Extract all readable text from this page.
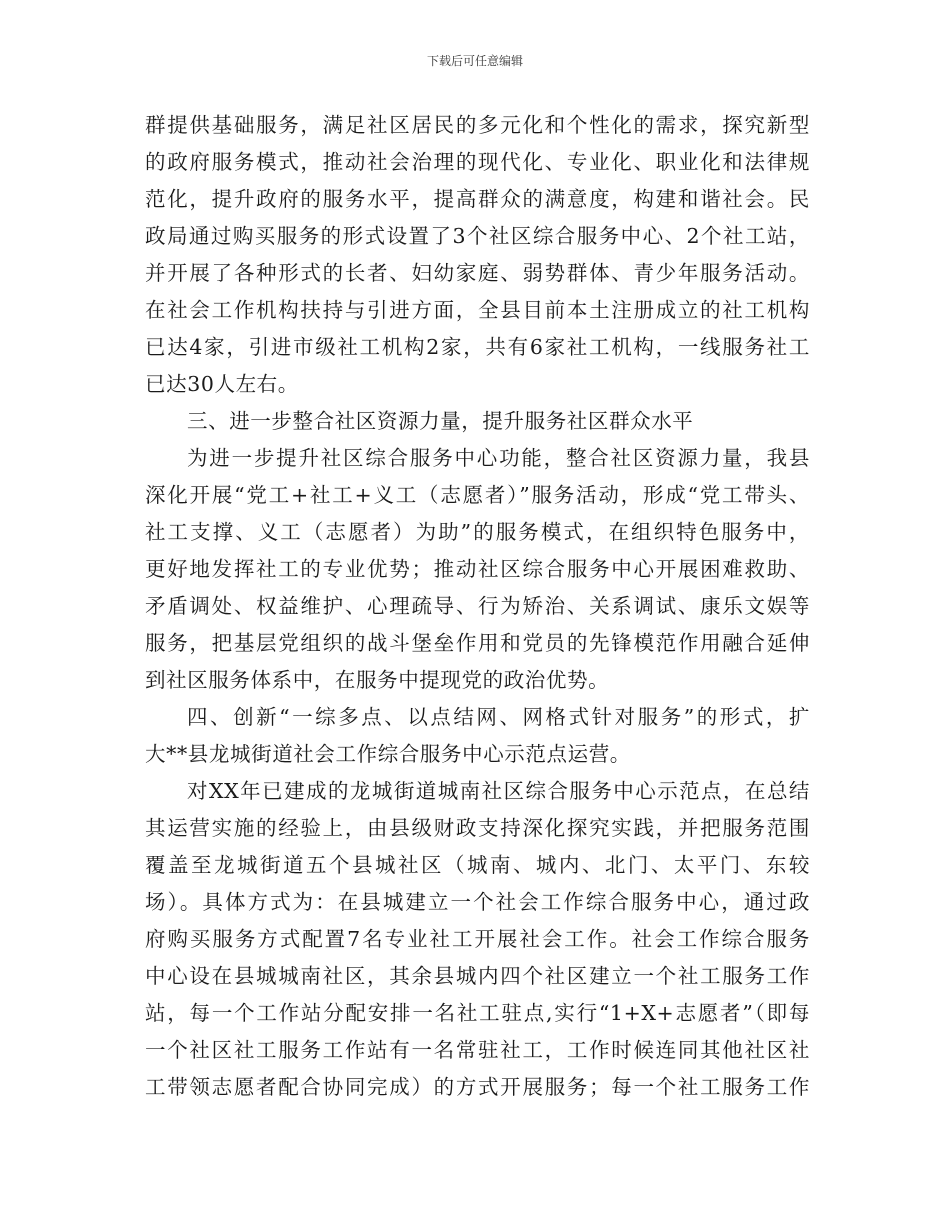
下载后可任意编辑
群提供基础服务，满足社区居民的多元化和个性化的需求，探究新型
的政府服务模式，推动社会治理的现代化、专业化、职业化和法律规
范化，提升政府的服务水平，提高群众的满意度，构建和谐社会。民
政局通过购买服务的形式设置了3个社区综合服务中心、2个社工站，
并开展了各种形式的长者、妇幼家庭、弱势群体、青少年服务活动。
在社会工作机构扶持与引进方面，全县目前本土注册成立的社工机构
已达4家，引进市级社工机构2家，共有6家社工机构，一线服务社工
已达30人左右。
三、进一步整合社区资源力量，提升服务社区群众水平
为进一步提升社区综合服务中心功能，整合社区资源力量，我县
深化开展“党工+社工+义工（志愿者）”服务活动，形成“党工带头、
社工支撑、义工（志愿者）为助”的服务模式，在组织特色服务中，
更好地发挥社工的专业优势；推动社区综合服务中心开展困难救助、
矛盾调处、权益维护、心理疏导、行为矫治、关系调试、康乐文娱等
服务，把基层党组织的战斗堡垒作用和党员的先锋模范作用融合延伸
到社区服务体系中，在服务中提现党的政治优势。
四、创新“一综多点、以点结网、网格式针对服务”的形式，扩
大**县龙城街道社会工作综合服务中心示范点运营。
对XX年已建成的龙城街道城南社区综合服务中心示范点，在总结
其运营实施的经验上，由县级财政支持深化探究实践，并把服务范围
覆盖至龙城街道五个县城社区（城南、城内、北门、太平门、东较
场）。具体方式为：在县城建立一个社会工作综合服务中心，通过政
府购买服务方式配置7名专业社工开展社会工作。社会工作综合服务
中心设在县城城南社区，其余县城内四个社区建立一个社工服务工作
站，每一个工作站分配安排一名社工驻点,实行“1+X+志愿者”（即每
一个社区社工服务工作站有一名常驻社工，工作时候连同其他社区社
工带领志愿者配合协同完成）的方式开展服务；每一个社工服务工作
